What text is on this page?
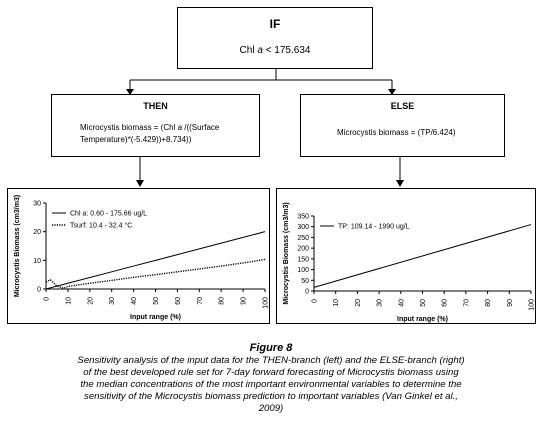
IF
Chl a < 175.634
THEN
Microcystis biomass = (Chl a /((Surface
Temperature)*(-5.429))+8.734))
ELSE
Microcystis biomass = (TP/6.424)
0
10
20
30
0 10 20 30 40 50 60 70 80 90 100
Input range (%)
Microcystis Biomass (cm3/m3)	Chl a: 0.60 - 175.66 ug/L
Tsurf: 10.4 - 32.4 °C
0
50
100
150
200
250
300
350
0 10 20 30 40 50 60 70 80 90 100
Input range (%)
Microcystis Biomass (cm3/m3)	TP: 109.14 - 1990 ug/L
Figure 8
Sensitivity analysis of the input data for the THEN-branch (left) and the ELSE-branch (right)
of the best developed rule set for 7-day forward forecasting of Microcystis biomass using
the median concentrations of the most important environmental variables to determine the
sensitivity of the Microcystis biomass prediction to important variables (Van Ginkel et al.,
2009)
